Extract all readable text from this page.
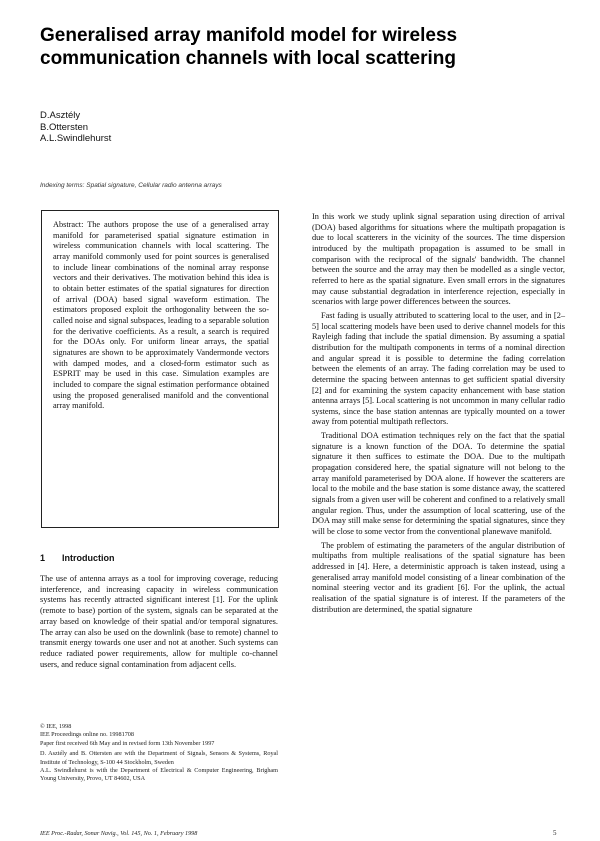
Generalised array manifold model for wireless communication channels with local scattering
D.Asztély
B.Ottersten
A.L.Swindlehurst
Indexing terms: Spatial signature, Cellular radio antenna arrays

Abstract: The authors propose the use of a generalised array manifold for parameterised spatial signature estimation in wireless communication channels with local scattering. The array manifold commonly used for point sources is generalised to include linear combinations of the nominal array response vectors and their derivatives. The motivation behind this idea is to obtain better estimates of the spatial signatures for direction of arrival (DOA) based signal waveform estimation. The estimators proposed exploit the orthogonality between the so-called noise and signal subspaces, leading to a separable solution for the derivative coefficients. As a result, a search is required for the DOAs only. For uniform linear arrays, the spatial signatures are shown to be approximately Vandermonde vectors with damped modes, and a closed-form estimator such as ESPRIT may be used in this case. Simulation examples are included to compare the signal estimation performance obtained using the proposed generalised manifold and the conventional array manifold.

1 Introduction

The use of antenna arrays as a tool for improving coverage, reducing interference, and increasing capacity in wireless communication systems has recently attracted significant interest [1]. For the uplink (remote to base) portion of the system, signals can be separated at the array based on knowledge of their spatial and/or temporal signatures. The array can also be used on the downlink (base to remote) channel to transmit energy towards one user and not at another. Such systems can reduce radiated power requirements, allow for multiple co-channel users, and reduce signal contamination from adjacent cells.

© IEE, 1998
IEE Proceedings online no. 19981708
Paper first received 6th May and in revised form 13th November 1997
D. Asztély and B. Ottersten are with the Department of Signals, Sensors & Systems, Royal Institute of Technology, S-100 44 Stockholm, Sweden
A.L. Swindlehurst is with the Department of Electrical & Computer Engineering, Brigham Young University, Provo, UT 84602, USA
IEE Proc.-Radar, Sonar Navig., Vol. 145, No. 1, February 1998	5

In this work we study uplink signal separation using direction of arrival (DOA) based algorithms for situations where the multipath propagation is due to local scatterers in the vicinity of the sources. The time dispersion introduced by the multipath propagation is assumed to be small in comparison with the reciprocal of the signals' bandwidth. The channel between the source and the array may then be modelled as a single vector, referred to here as the spatial signature. Even small errors in the signatures may cause substantial degradation in interference rejection, especially in scenarios with large power differences between the sources.

Fast fading is usually attributed to scattering local to the user, and in [2–5] local scattering models have been used to derive channel models for this Rayleigh fading that include the spatial dimension. By assuming a spatial distribution for the multipath components in terms of a nominal direction and angular spread it is possible to determine the fading correlation between the elements of an array. The fading correlation may be used to determine the spacing between antennas to get sufficient spatial diversity [2] and for examining the system capacity enhancement with base station antenna arrays [5]. Local scattering is not uncommon in many cellular radio systems, since the base station antennas are typically mounted on a tower away from potential multipath reflectors.

Traditional DOA estimation techniques rely on the fact that the spatial signature is a known function of the DOA. To determine the spatial signature it then suffices to estimate the DOA. Due to the multipath propagation considered here, the spatial signature will not belong to the array manifold parameterised by DOA alone. If however the scatterers are local to the mobile and the base station is some distance away, the scattered signals from a given user will be coherent and confined to a relatively small angular region. Thus, under the assumption of local scattering, use of the DOA may still make sense for determining the spatial signatures, since they will be close to some vector from the conventional planewave manifold.

The problem of estimating the parameters of the angular distribution of multipaths from multiple realisations of the spatial signature has been addressed in [4]. Here, a deterministic approach is taken instead, using a generalised array manifold model consisting of a linear combination of the nominal steering vector and its gradient [6]. For the uplink, the actual realisation of the spatial signature is of interest. If the parameters of the distribution are determined, the spatial signature
